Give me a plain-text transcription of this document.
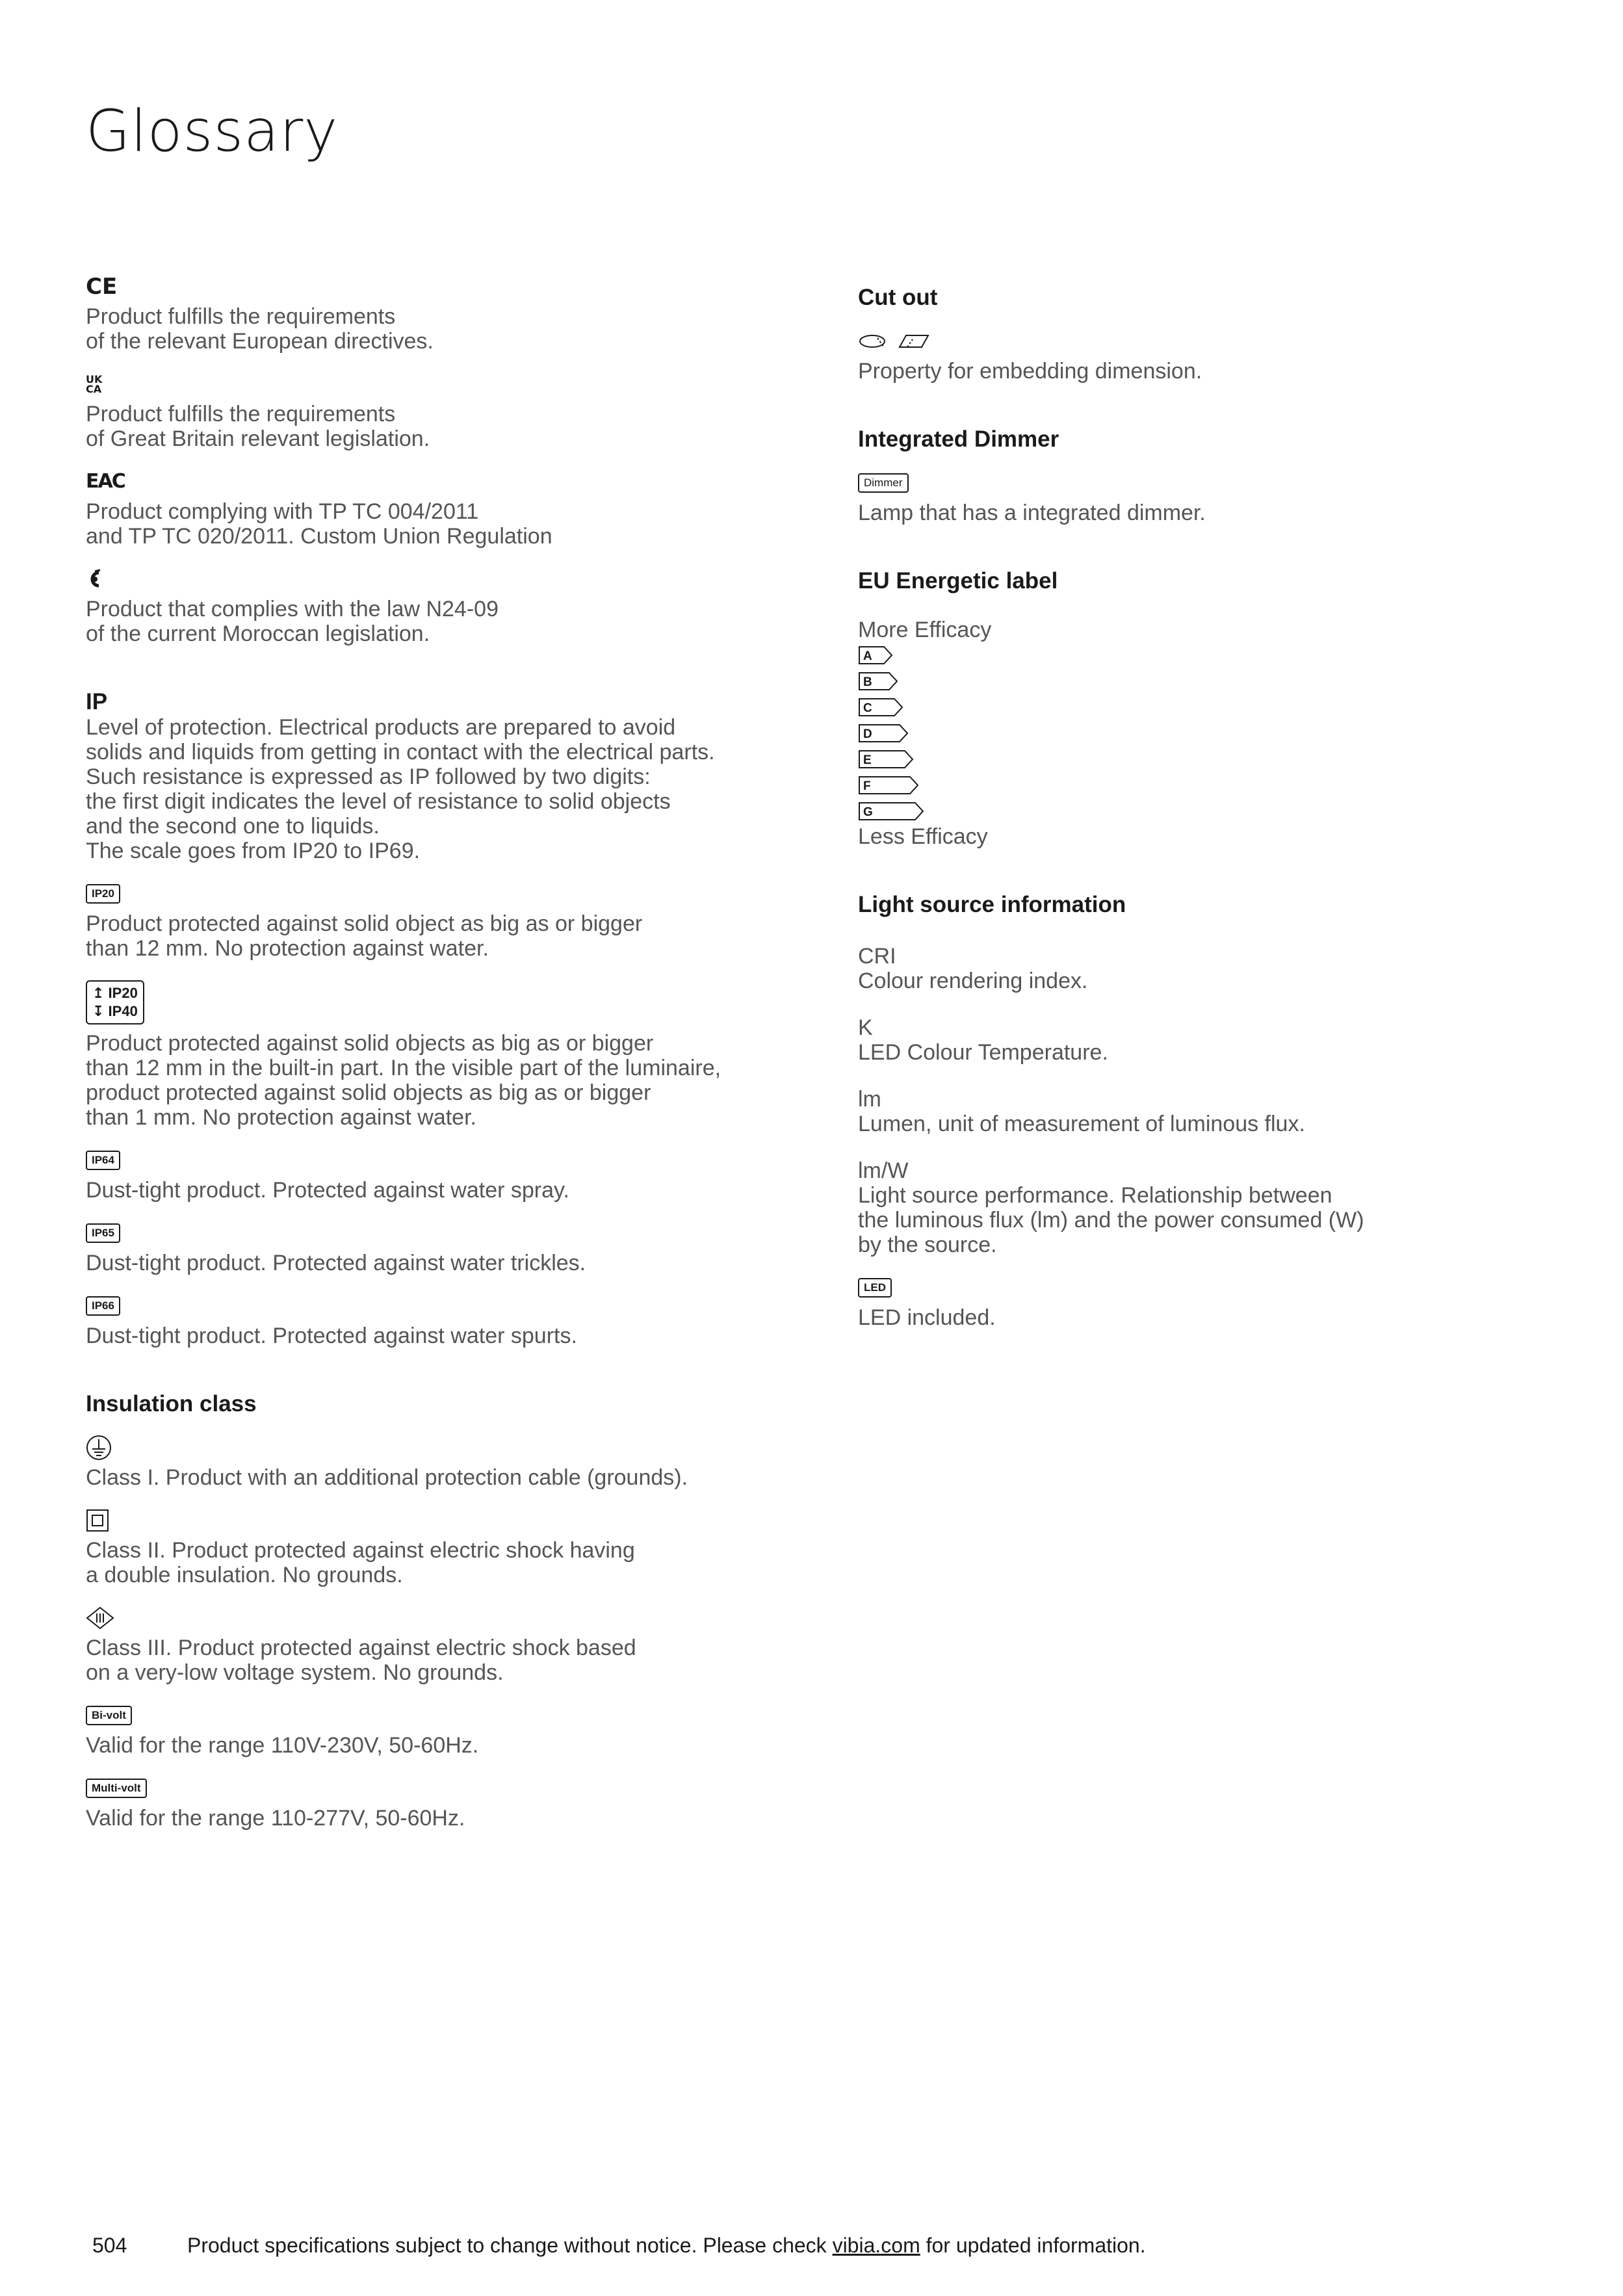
Glossary
CE

Product fulfills the requirements
of the relevant European directives.

UK
CA

Product fulfills the requirements
of Great Britain relevant legislation.

EAC

Product complying with TP TC 004/2011
and TP TC 020/2011. Custom Union Regulation

Product that complies with the law N24-09
of the current Moroccan legislation.

IP

Level of protection. Electrical products are prepared to avoid
solids and liquids from getting in contact with the electrical parts.
Such resistance is expressed as IP followed by two digits:
the first digit indicates the level of resistance to solid objects
and the second one to liquids.
The scale goes from IP20 to IP69.

IP20

Product protected against solid object as big as or bigger
than 12 mm. No protection against water.

↥ IP20
↧ IP40

Product protected against solid objects as big as or bigger
than 12 mm in the built-in part. In the visible part of the luminaire,
product protected against solid objects as big as or bigger
than 1 mm. No protection against water.

IP64

Dust-tight product. Protected against water spray.

IP65

Dust-tight product. Protected against water trickles.

IP66

Dust-tight product. Protected against water spurts.

Insulation class

Class I. Product with an additional protection cable (grounds).

Class II. Product protected against electric shock having
a double insulation. No grounds.

Class III. Product protected against electric shock based
on a very-low voltage system. No grounds.

Bi-volt

Valid for the range 110V-230V, 50-60Hz.

Multi-volt

Valid for the range 110-277V, 50-60Hz.

Cut out

Property for embedding dimension.

Integrated Dimmer
Dimmer

Lamp that has a integrated dimmer.

EU Energetic label

More Efficacy

A
B
C
D
E
F
G

Less Efficacy

Light source information

CRI

Colour rendering index.

K

LED Colour Temperature.

lm

Lumen, unit of measurement of luminous flux.

lm/W

Light source performance. Relationship between
the luminous flux (lm) and the power consumed (W)
by the source.

LED

LED included.

504	Product specifications subject to change without notice. Please check vibia.com for updated information.
